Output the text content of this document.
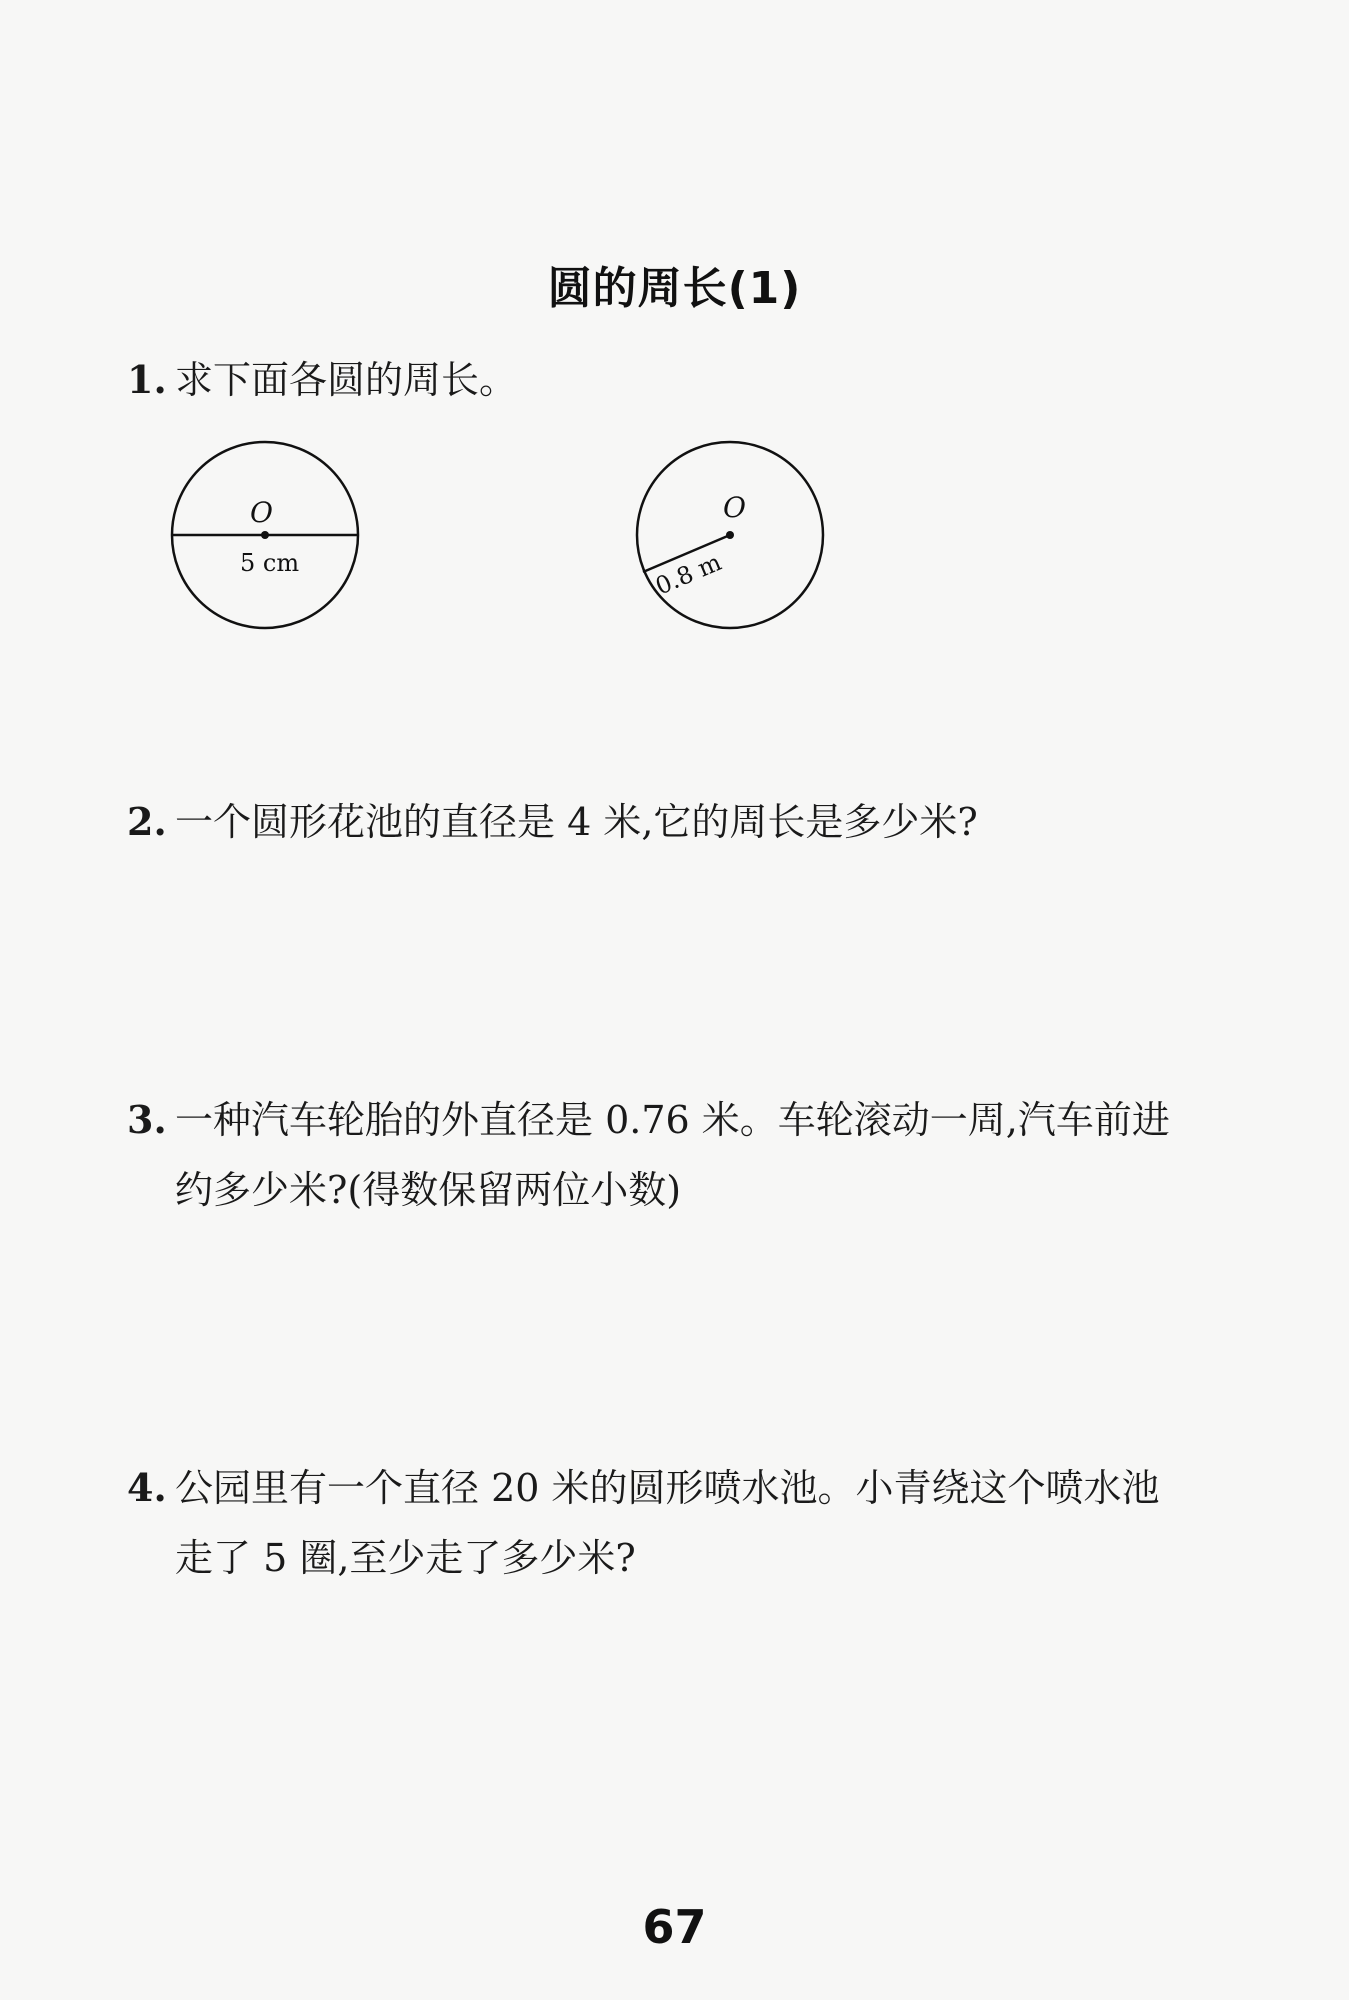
圆的周长(1)
1. 求下面各圆的周长。
O
5 cm
O
0.8 m
2. 一个圆形花池的直径是 4 米,它的周长是多少米?
3. 一种汽车轮胎的外直径是 0.76 米。车轮滚动一周,汽车前进
约多少米?(得数保留两位小数)
4. 公园里有一个直径 20 米的圆形喷水池。小青绕这个喷水池
走了 5 圈,至少走了多少米?
67
